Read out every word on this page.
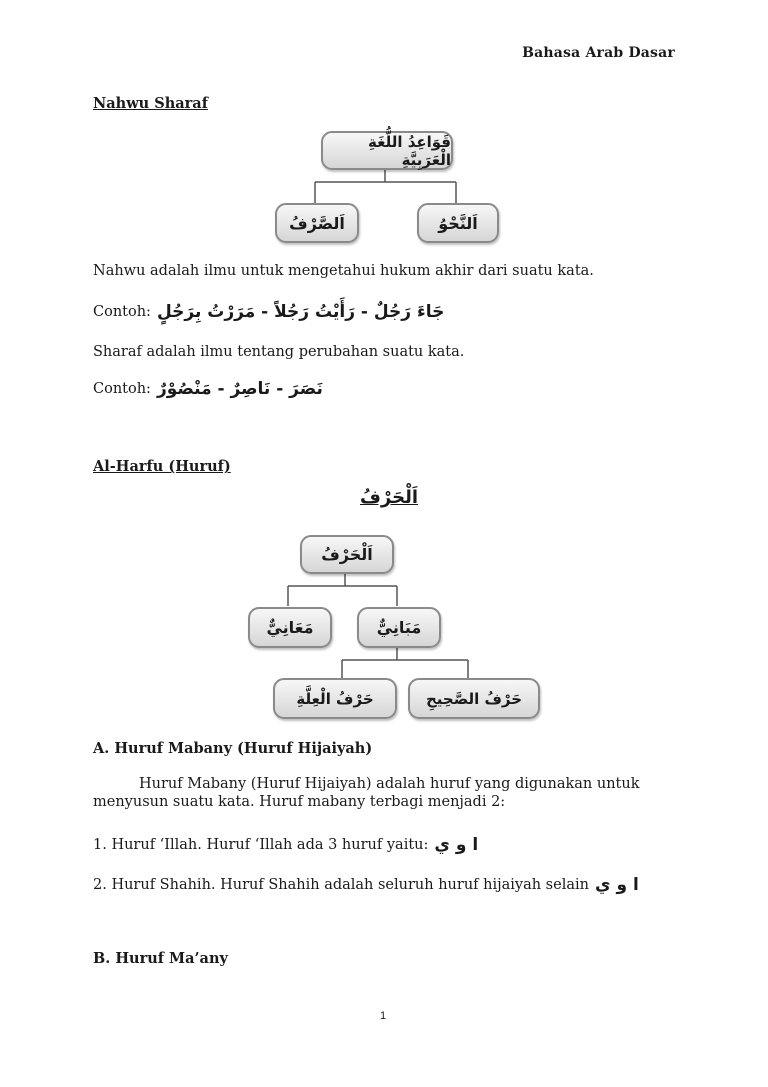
Bahasa Arab Dasar
Nahwu Sharaf
قَوَاعِدُ اللُّغَةِ الْعَرَبِيَّةِ
اَلصَّرْفُ	اَلنَّحْوُ
Nahwu adalah ilmu untuk mengetahui hukum akhir dari suatu kata.
Contoh: جَاءَ رَجُلٌ - رَأَيْتُ رَجُلاً - مَرَرْتُ بِرَجُلٍ
Sharaf adalah ilmu tentang perubahan suatu kata.
Contoh: نَصَرَ - نَاصِرٌ - مَنْصُوْرٌ
Al-Harfu (Huruf)
اَلْحَرْفُ
اَلْحَرْفُ
مَعَانِيٌّ	مَبَانِيٌّ
حَرْفُ الْعِلَّةِ	حَرْفُ الصَّحِيحِ
A. Huruf Mabany (Huruf Hijaiyah)
Huruf Mabany (Huruf Hijaiyah) adalah huruf yang digunakan untuk
menyusun suatu kata. Huruf mabany terbagi menjadi 2:
1. Huruf ‘Illah. Huruf ‘Illah ada 3 huruf yaitu: ا و ي
2. Huruf Shahih. Huruf Shahih adalah seluruh huruf hijaiyah selain ا و ي
B. Huruf Ma’any
1
